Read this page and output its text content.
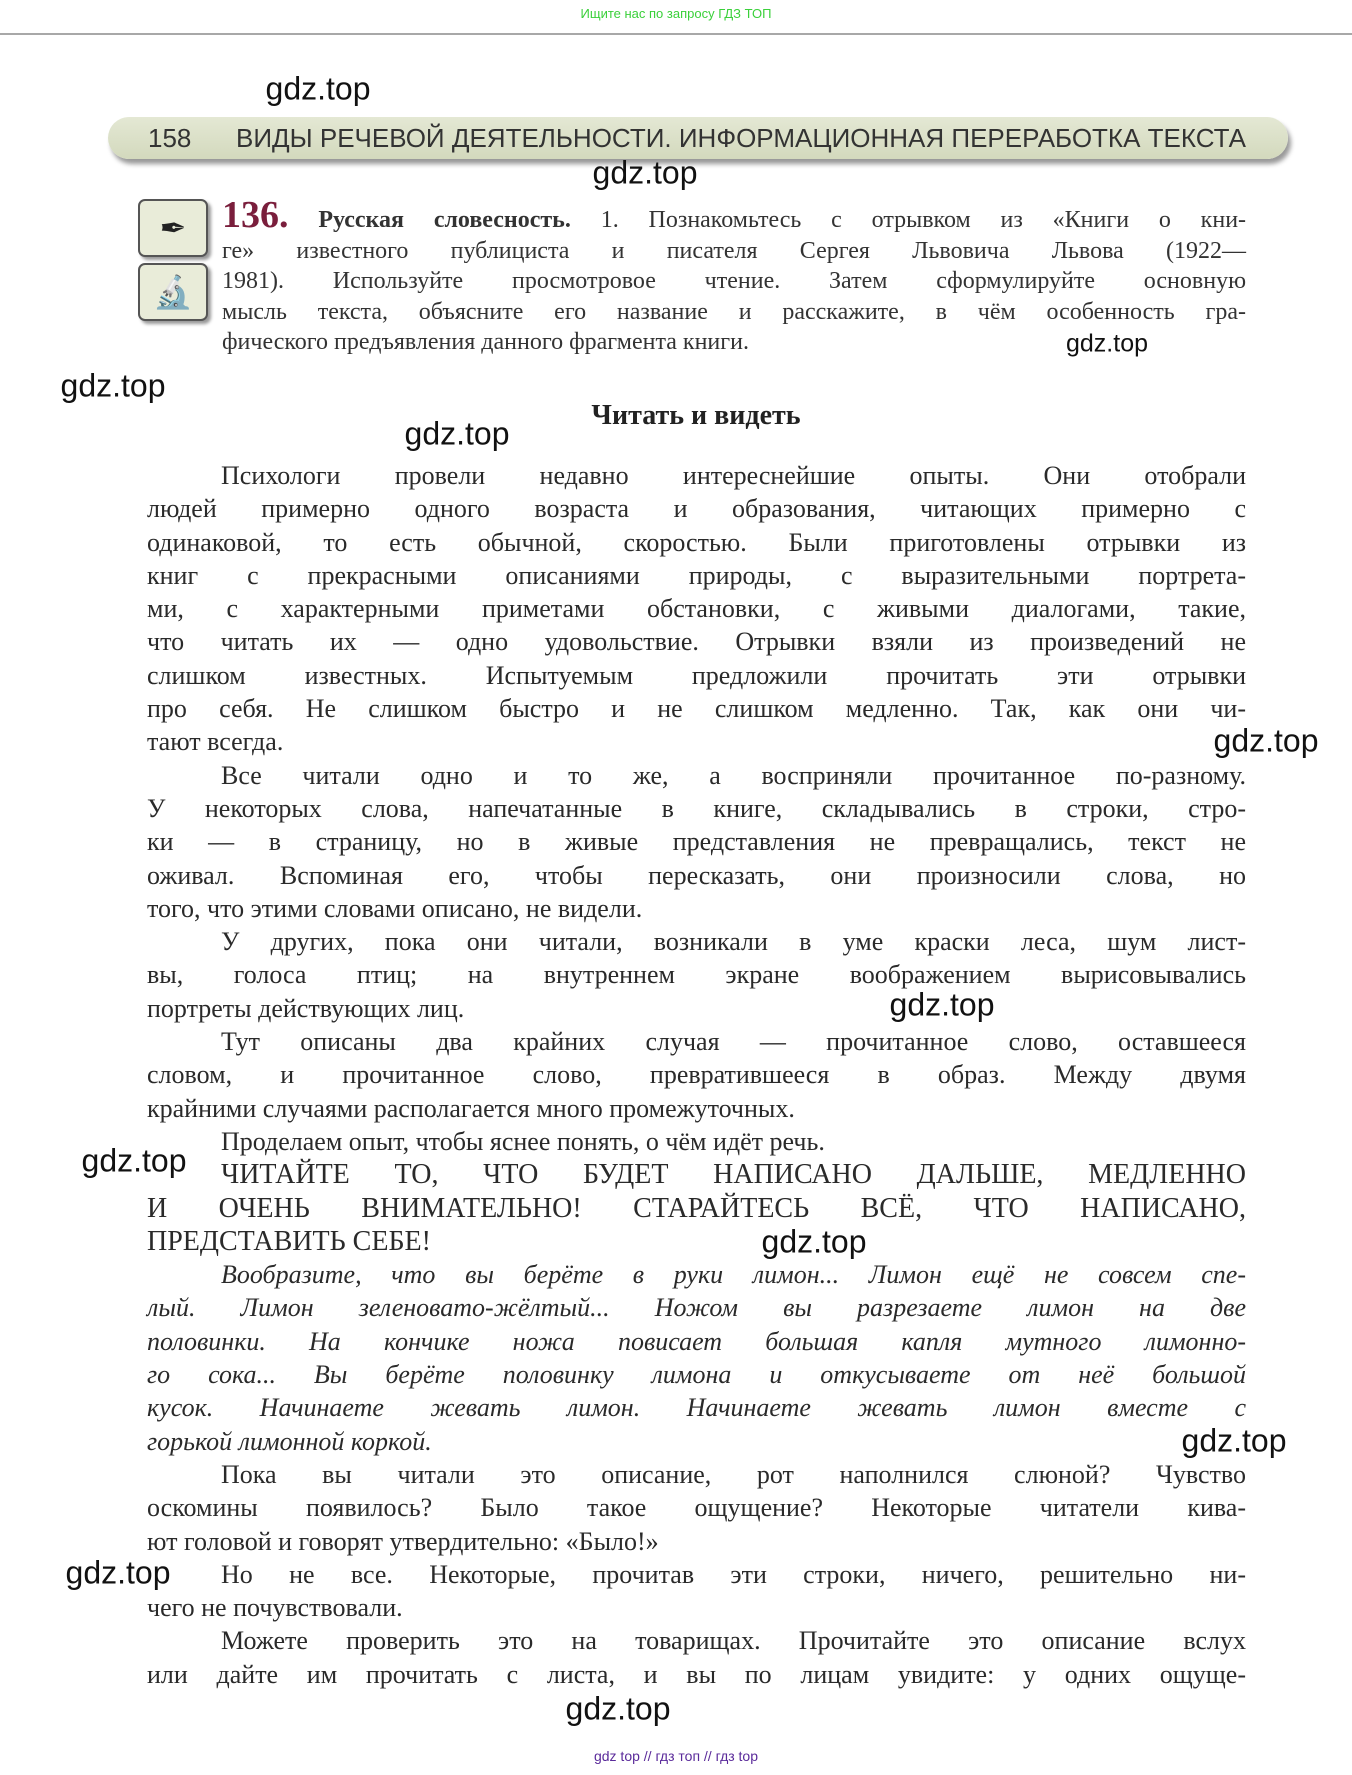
Ищите нас по запросу ГДЗ ТОП
158	ВИДЫ РЕЧЕВОЙ ДЕЯТЕЛЬНОСТИ. ИНФОРМАЦИОННАЯ ПЕРЕРАБОТКА ТЕКСТА
✒
🔬
136. Русская словесность. 1. Познакомьтесь с отрывком из «Книги о кни-
ге» известного публициста и писателя Сергея Львовича Львова (1922—
1981). Используйте просмотровое чтение. Затем сформулируйте основную
мысль текста, объясните его название и расскажите, в чём особенность гра-
фического предъявления данного фрагмента книги.
Читать и видеть
Психологи провели недавно интереснейшие опыты. Они отобрали
людей примерно одного возраста и образования, читающих примерно с
одинаковой, то есть обычной, скоростью. Были приготовлены отрывки из
книг с прекрасными описаниями природы, с выразительными портрета-
ми, с характерными приметами обстановки, с живыми диалогами, такие,
что читать их — одно удовольствие. Отрывки взяли из произведений не
слишком известных. Испытуемым предложили прочитать эти отрывки
про себя. Не слишком быстро и не слишком медленно. Так, как они чи-
тают всегда.
Все читали одно и то же, а восприняли прочитанное по-разному.
У некоторых слова, напечатанные в книге, складывались в строки, стро-
ки — в страницу, но в живые представления не превращались, текст не
оживал. Вспоминая его, чтобы пересказать, они произносили слова, но
того, что этими словами описано, не видели.
У других, пока они читали, возникали в уме краски леса, шум лист-
вы, голоса птиц; на внутреннем экране воображением вырисовывались
портреты действующих лиц.
Тут описаны два крайних случая — прочитанное слово, оставшееся
словом, и прочитанное слово, превратившееся в образ. Между двумя
крайними случаями располагается много промежуточных.
Проделаем опыт, чтобы яснее понять, о чём идёт речь.
ЧИТАЙТЕ ТО, ЧТО БУДЕТ НАПИСАНО ДАЛЬШЕ, МЕДЛЕННО
И ОЧЕНЬ ВНИМАТЕЛЬНО! СТАРАЙТЕСЬ ВСЁ, ЧТО НАПИСАНО,
ПРЕДСТАВИТЬ СЕБЕ!
Вообразите, что вы берёте в руки лимон... Лимон ещё не совсем спе-
лый. Лимон зеленовато-жёлтый... Ножом вы разрезаете лимон на две
половинки. На кончике ножа повисает большая капля мутного лимонно-
го сока... Вы берёте половинку лимона и откусываете от неё большой
кусок. Начинаете жевать лимон. Начинаете жевать лимон вместе с
горькой лимонной коркой.
Пока вы читали это описание, рот наполнился слюной? Чувство
оскомины появилось? Было такое ощущение? Некоторые читатели кива-
ют головой и говорят утвердительно: «Было!»
Но не все. Некоторые, прочитав эти строки, ничего, решительно ни-
чего не почувствовали.
Можете проверить это на товарищах. Прочитайте это описание вслух
или дайте им прочитать с листа, и вы по лицам увидите: у одних ощуще-
gdz.top
gdz.top
gdz.top
gdz.top
gdz.top
gdz.top
gdz.top
gdz.top
gdz.top
gdz.top
gdz.top
gdz.top
gdz top // гдз топ // гдз top
